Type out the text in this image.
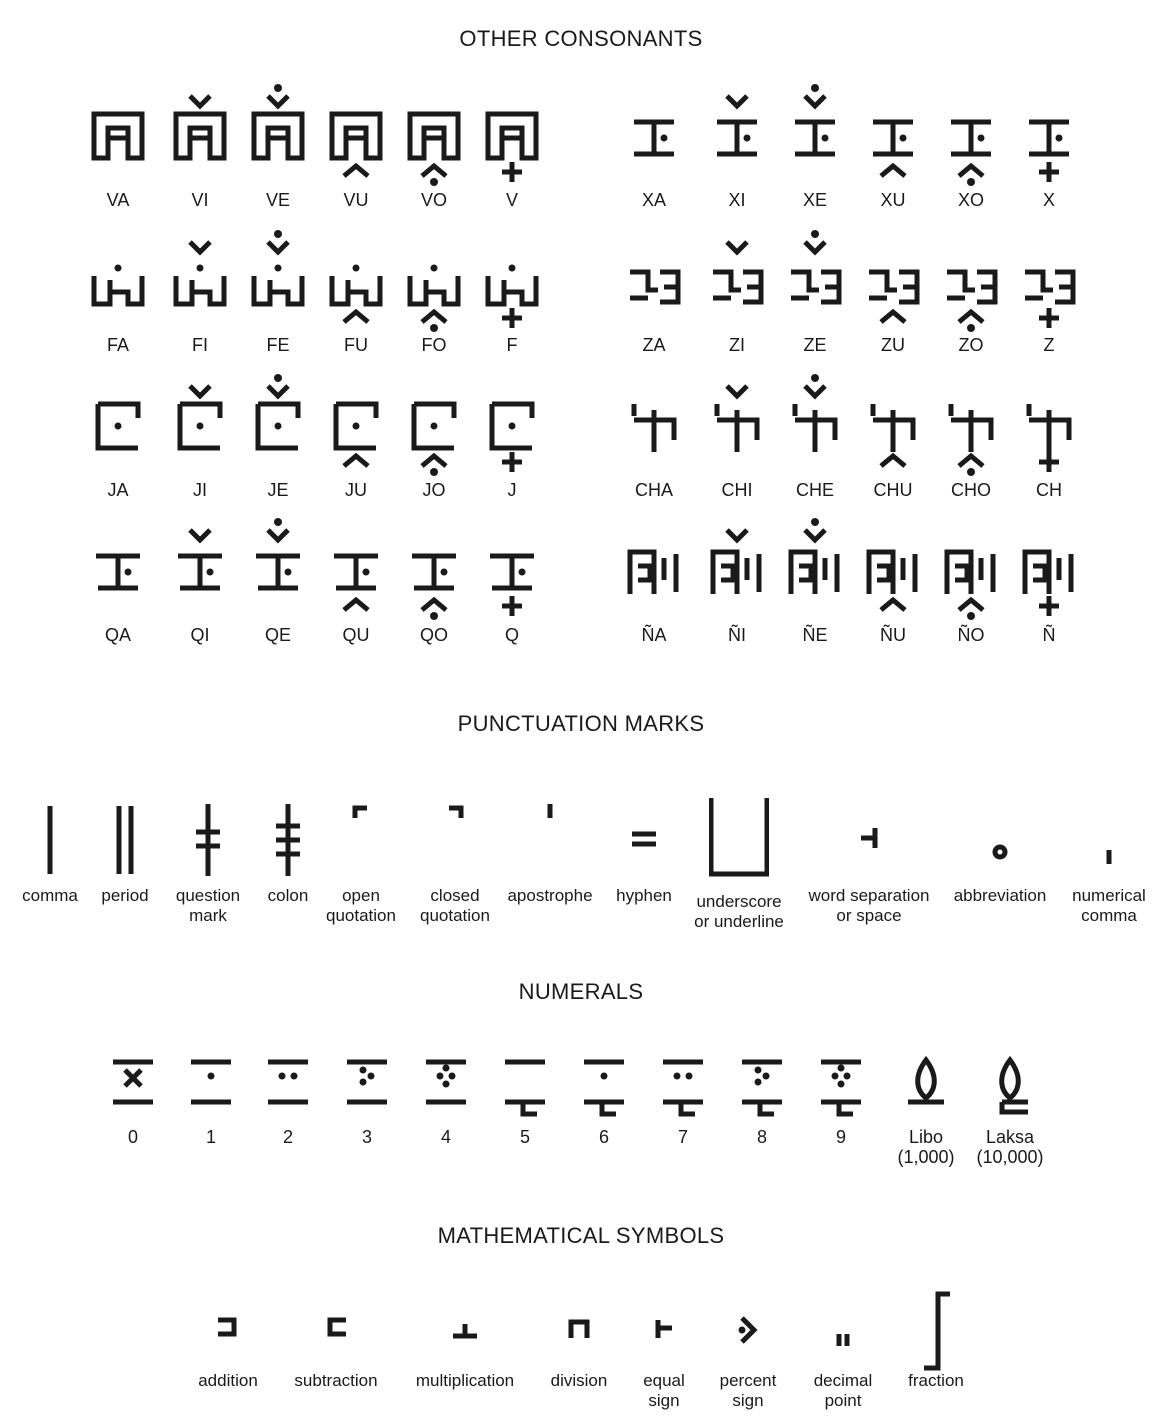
OTHER CONSONANTS
PUNCTUATION MARKS
NUMERALS
MATHEMATICAL SYMBOLS
VA	VI	VE	VU	VO	V	XA	XI	XE	XU	XO	X
FA	FI	FE	FU	FO	F	ZA	ZI	ZE	ZU	ZO	Z
JA	JI	JE	JU	JO	J	CHA	CHI	CHE	CHU	CHO	CH
QA	QI	QE	QU	QO	Q	ÑA	ÑI	ÑE	ÑU	ÑO	Ñ
comma	period	question
mark
colon	open
quotation
closed
quotation
apostrophe	hyphen	underscore
or underline
word separation
or space
abbreviation	numerical
comma
0	1	2	3	4	5	6	7	8	9	Libo
(1,000)
Laksa
(10,000)
addition	subtraction	multiplication	division	equal
sign
percent
sign
decimal
point
fraction
